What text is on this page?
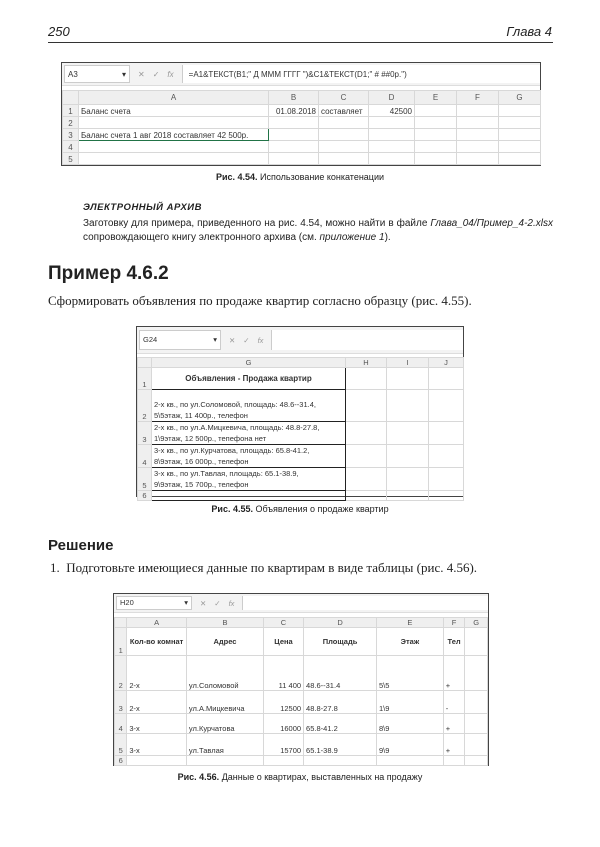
250	Глава 4
A3	▾ ✕ ✓ fx	=A1&ТЕКСТ(B1;" Д МММ ГГГГ ")&C1&ТЕКСТ(D1;" # ##0р.")
	A	B	C	D	E	F	G
1	Баланс счета	01.08.2018	составляет	42500			
2							
3	Баланс счета 1 авг 2018 составляет 42 500р.						
4							
5							
Рис. 4.54. Использование конкатенации
ЭЛЕКТРОННЫЙ АРХИВ
Заготовку для примера, приведенного на рис. 4.54, можно найти в файле Глава_04/Пример_4-2.xlsx сопровождающего книгу электронного архива (см. приложение 1).
Пример 4.6.2
Сформировать объявления по продаже квартир согласно образцу (рис. 4.55).
G24	▾ ✕ ✓ fx
	G	H	I	J
1	Объявления - Продажа квартир			
2	2-х кв., по ул.Соломовой, площадь: 48.6--31.4,
5\5этаж, 11 400р., телефон			

3	2-х кв., по ул.А.Мицкевича, площадь: 48.8-27.8,
1\9этаж, 12 500р., тепефона нет			

4	3-х кв., по ул.Курчатова, площадь: 65.8-41.2,
8\9этаж, 16 000р., телефон			

5	3-х кв., по ул.Тавлая, площадь: 65.1-38.9,
9\9этаж, 15 700р., телефон			

6				
Рис. 4.55. Объявления о продаже квартир
Решение
1. Подготовьте имеющиеся данные по квартирам в виде таблицы (рис. 4.56).
H20	▾ ✕ ✓ fx
	A	B	C	D	E	F	G
1	Кол-во комнат	Адрес	Цена	Площадь	Этаж	Тел	
2	2-х	ул.Соломовой	11 400	48.6--31.4	5\5	+	
3	2-х	ул.А.Мицкевича	12500	48.8-27.8	1\9	-	
4	3-х	ул.Курчатова	16000	65.8-41.2	8\9	+	
5	3-х	ул.Тавлая	15700	65.1-38.9	9\9	+	
6							
Рис. 4.56. Данные о квартирах, выставленных на продажу
